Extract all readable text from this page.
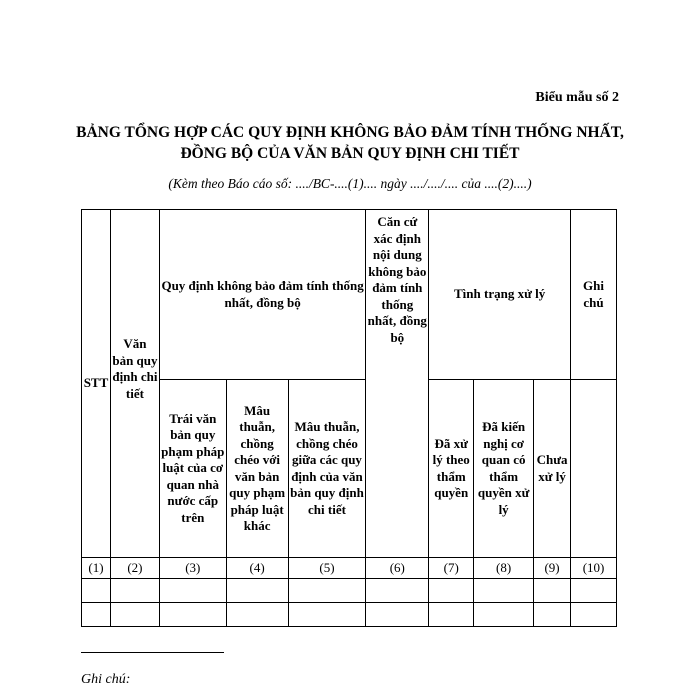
Biểu mẫu số 2
BẢNG TỔNG HỢP CÁC QUY ĐỊNH KHÔNG BẢO ĐẢM TÍNH THỐNG NHẤT,
ĐỒNG BỘ CỦA VĂN BẢN QUY ĐỊNH CHI TIẾT
(Kèm theo Báo cáo số: ..../BC-....(1).... ngày ..../..../.... của ....(2)....)
STT	Văn bản quy định chi tiết	Quy định không bảo đảm tính thống nhất, đồng bộ			Căn cứ xác định nội dung không bảo đảm tính thống nhất, đồng bộ	Tình trạng xử lý			Ghi chú
		Trái văn bản quy phạm pháp luật của cơ quan nhà nước cấp trên	Mâu thuẫn, chồng chéo với văn bản quy phạm pháp luật khác	Mâu thuẫn, chồng chéo giữa các quy định của văn bản quy định chi tiết		Đã xử lý theo thẩm quyền	Đã kiến nghị cơ quan có thẩm quyền xử lý	Chưa xử lý	
(1)	(2)	(3)	(4)	(5)	(6)	(7)	(8)	(9)	(10)

Ghi chú:
